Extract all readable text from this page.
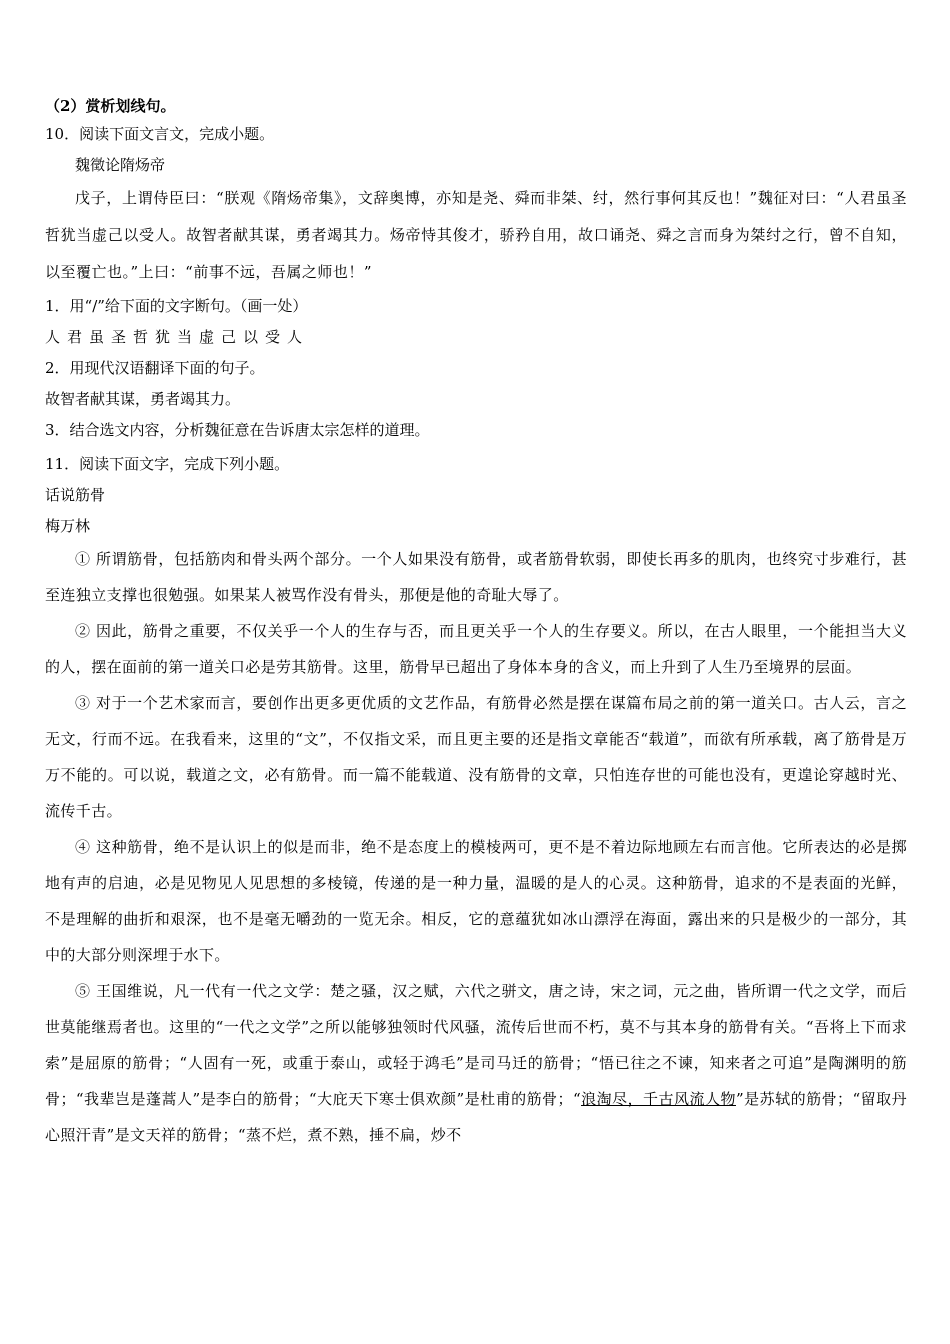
（2）赏析划线句。

10．阅读下面文言文，完成小题。

魏徵论隋炀帝

戊子，上谓侍臣曰：“朕观《隋炀帝集》，文辞奥博，亦知是尧、舜而非桀、纣，然行事何其反也！”魏征对曰：“人君虽圣哲犹当虚己以受人。故智者献其谋，勇者竭其力。炀帝恃其俊才，骄矜自用，故口诵尧、舜之言而身为桀纣之行，曾不自知，以至覆亡也。”上曰：“前事不远，吾属之师也！”

1．用“/”给下面的文字断句。（画一处）

人君虽圣哲犹当虚己以受人

2．用现代汉语翻译下面的句子。

故智者献其谋，勇者竭其力。

3．结合选文内容，分析魏征意在告诉唐太宗怎样的道理。

11．阅读下面文字，完成下列小题。

话说筋骨

梅万林

① 所谓筋骨，包括筋肉和骨头两个部分。一个人如果没有筋骨，或者筋骨软弱，即使长再多的肌肉，也终究寸步难行，甚至连独立支撑也很勉强。如果某人被骂作没有骨头，那便是他的奇耻大辱了。

② 因此，筋骨之重要，不仅关乎一个人的生存与否，而且更关乎一个人的生存要义。所以，在古人眼里，一个能担当大义的人，摆在面前的第一道关口必是劳其筋骨。这里，筋骨早已超出了身体本身的含义，而上升到了人生乃至境界的层面。

③ 对于一个艺术家而言，要创作出更多更优质的文艺作品，有筋骨必然是摆在谋篇布局之前的第一道关口。古人云，言之无文，行而不远。在我看来，这里的“文”，不仅指文采，而且更主要的还是指文章能否“载道”，而欲有所承载，离了筋骨是万万不能的。可以说，载道之文，必有筋骨。而一篇不能载道、没有筋骨的文章，只怕连存世的可能也没有，更遑论穿越时光、流传千古。

④ 这种筋骨，绝不是认识上的似是而非，绝不是态度上的模棱两可，更不是不着边际地顾左右而言他。它所表达的必是掷地有声的启迪，必是见物见人见思想的多棱镜，传递的是一种力量，温暖的是人的心灵。这种筋骨，追求的不是表面的光鲜，不是理解的曲折和艰深，也不是毫无嚼劲的一览无余。相反，它的意蕴犹如冰山漂浮在海面，露出来的只是极少的一部分，其中的大部分则深埋于水下。

⑤ 王国维说，凡一代有一代之文学：楚之骚，汉之赋，六代之骈文，唐之诗，宋之词，元之曲，皆所谓一代之文学，而后世莫能继焉者也。这里的“一代之文学”之所以能够独领时代风骚，流传后世而不朽，莫不与其本身的筋骨有关。“吾将上下而求索”是屈原的筋骨；“人固有一死，或重于泰山，或轻于鸿毛”是司马迁的筋骨；“悟已往之不谏，知来者之可追”是陶渊明的筋骨；“我辈岂是蓬蒿人”是李白的筋骨；“大庇天下寒士俱欢颜”是杜甫的筋骨；“浪淘尽，千古风流人物”是苏轼的筋骨；“留取丹心照汗青”是文天祥的筋骨；“蒸不烂，煮不熟，捶不扁，炒不
